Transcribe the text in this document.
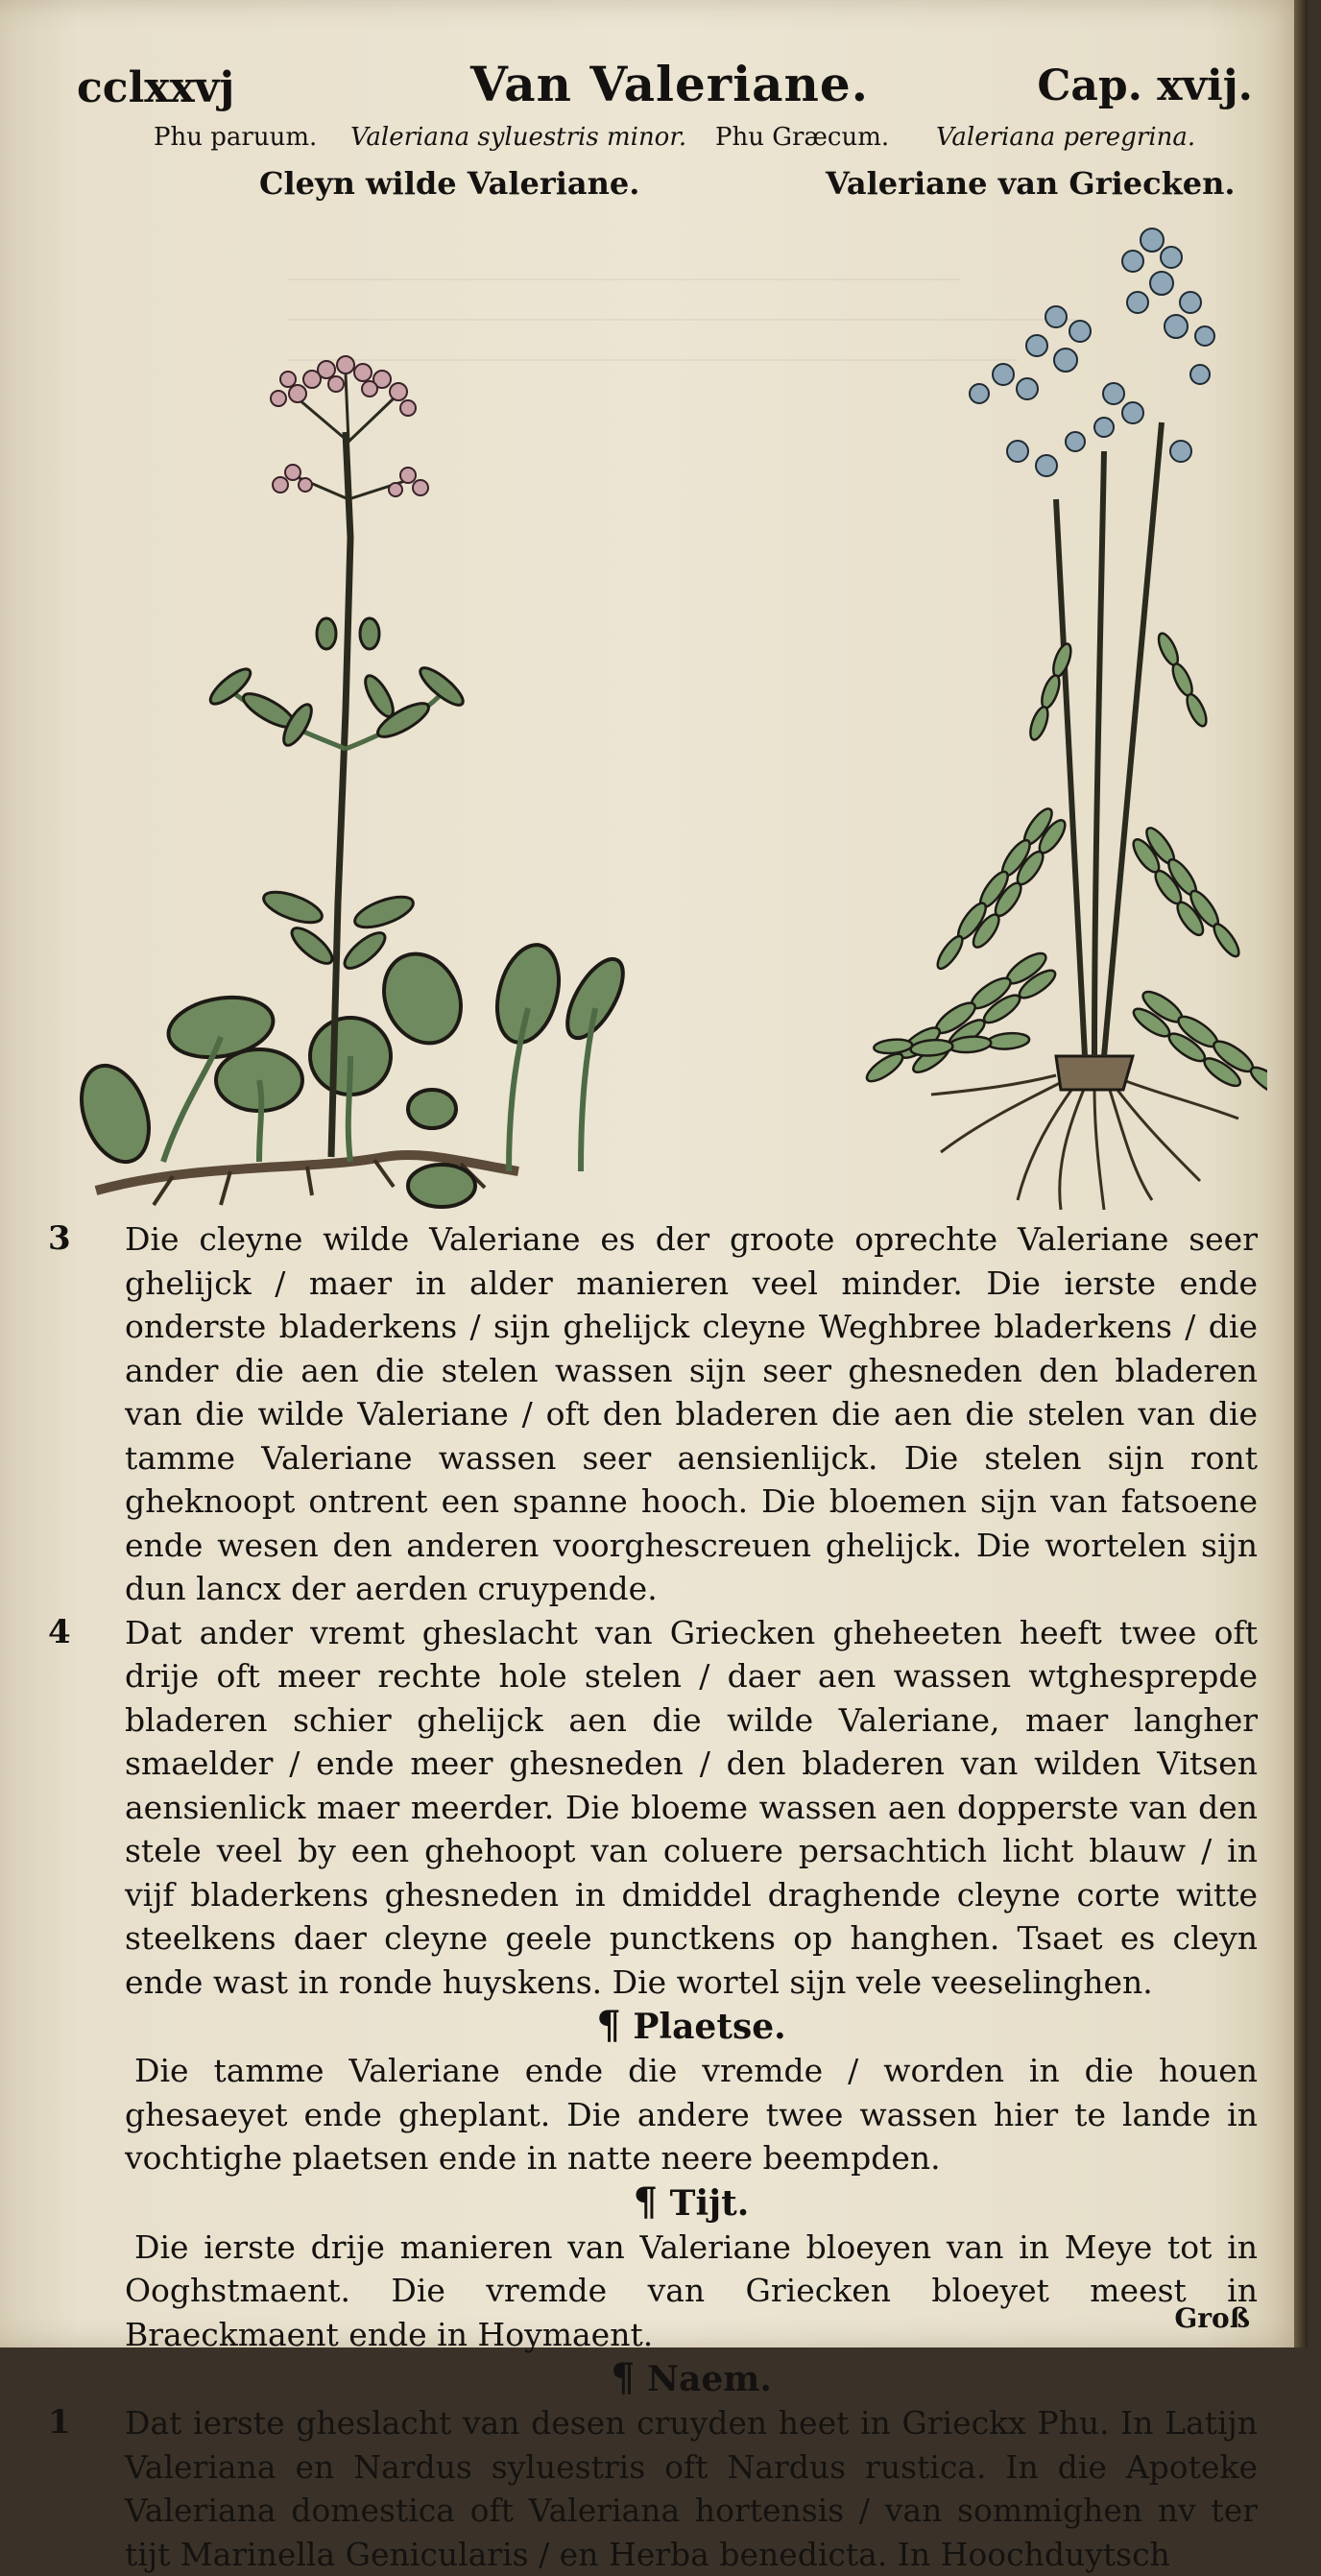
cclxxvj	Van Valeriane.	Cap. xvij.
Phu paruum. Valeriana syluestris minor. Phu Græcum. Valeriana peregrina.
Cleyn wilde Valeriane.	Valeriane van Griecken.

3 Die cleyne wilde Valeriane es der groote oprechte Valeriane seer ghelijck / maer in alder manieren veel minder. Die ierste ende onderste bladerkens / sijn ghelijck cleyne Weghbree bladerkens / die ander die aen die stelen wassen sijn seer ghesneden den bladeren van die wilde Valeriane / oft den bladeren die aen die stelen van die tamme Valeriane wassen seer aensienlijck. Die stelen sijn ront gheknoopt ontrent een spanne hooch. Die bloemen sijn van fatsoene ende wesen den anderen voorghescreuen ghelijck. Die wortelen sijn dun lancx der aerden cruypende.

4 Dat ander vremt gheslacht van Griecken gheheeten heeft twee oft drije oft meer rechte hole stelen / daer aen wassen wtghesprepde bladeren schier ghelijck aen die wilde Valeriane, maer langher smaelder / ende meer ghesneden / den bladeren van wilden Vitsen aensienlick maer meerder. Die bloeme wassen aen dopperste van den stele veel by een ghehoopt van coluere persachtich licht blauw / in vijf bladerkens ghesneden in dmiddel draghende cleyne corte witte steelkens daer cleyne geele punctkens op hanghen. Tsaet es cleyn ende wast in ronde huyskens. Die wortel sijn vele veeselinghen.

¶ Plaetse.

Die tamme Valeriane ende die vremde / worden in die houen ghesaeyet ende gheplant. Die andere twee wassen hier te lande in vochtighe plaetsen ende in natte neere beempden.

¶ Tijt.

Die ierste drije manieren van Valeriane bloeyen van in Meye tot in Ooghstmaent. Die vremde van Griecken bloeyet meest in Braeckmaent ende in Hoymaent.

¶ Naem.

1 Dat ierste gheslacht van desen cruyden heet in Grieckx Phu. In Latijn Valeriana en Nardus syluestris oft Nardus rustica. In die Apoteke Valeriana domestica oft Valeriana hortensis / van sommighen nv ter tijt Marinella Genicularis / en Herba benedicta. In Hoochduytsch

Groß
